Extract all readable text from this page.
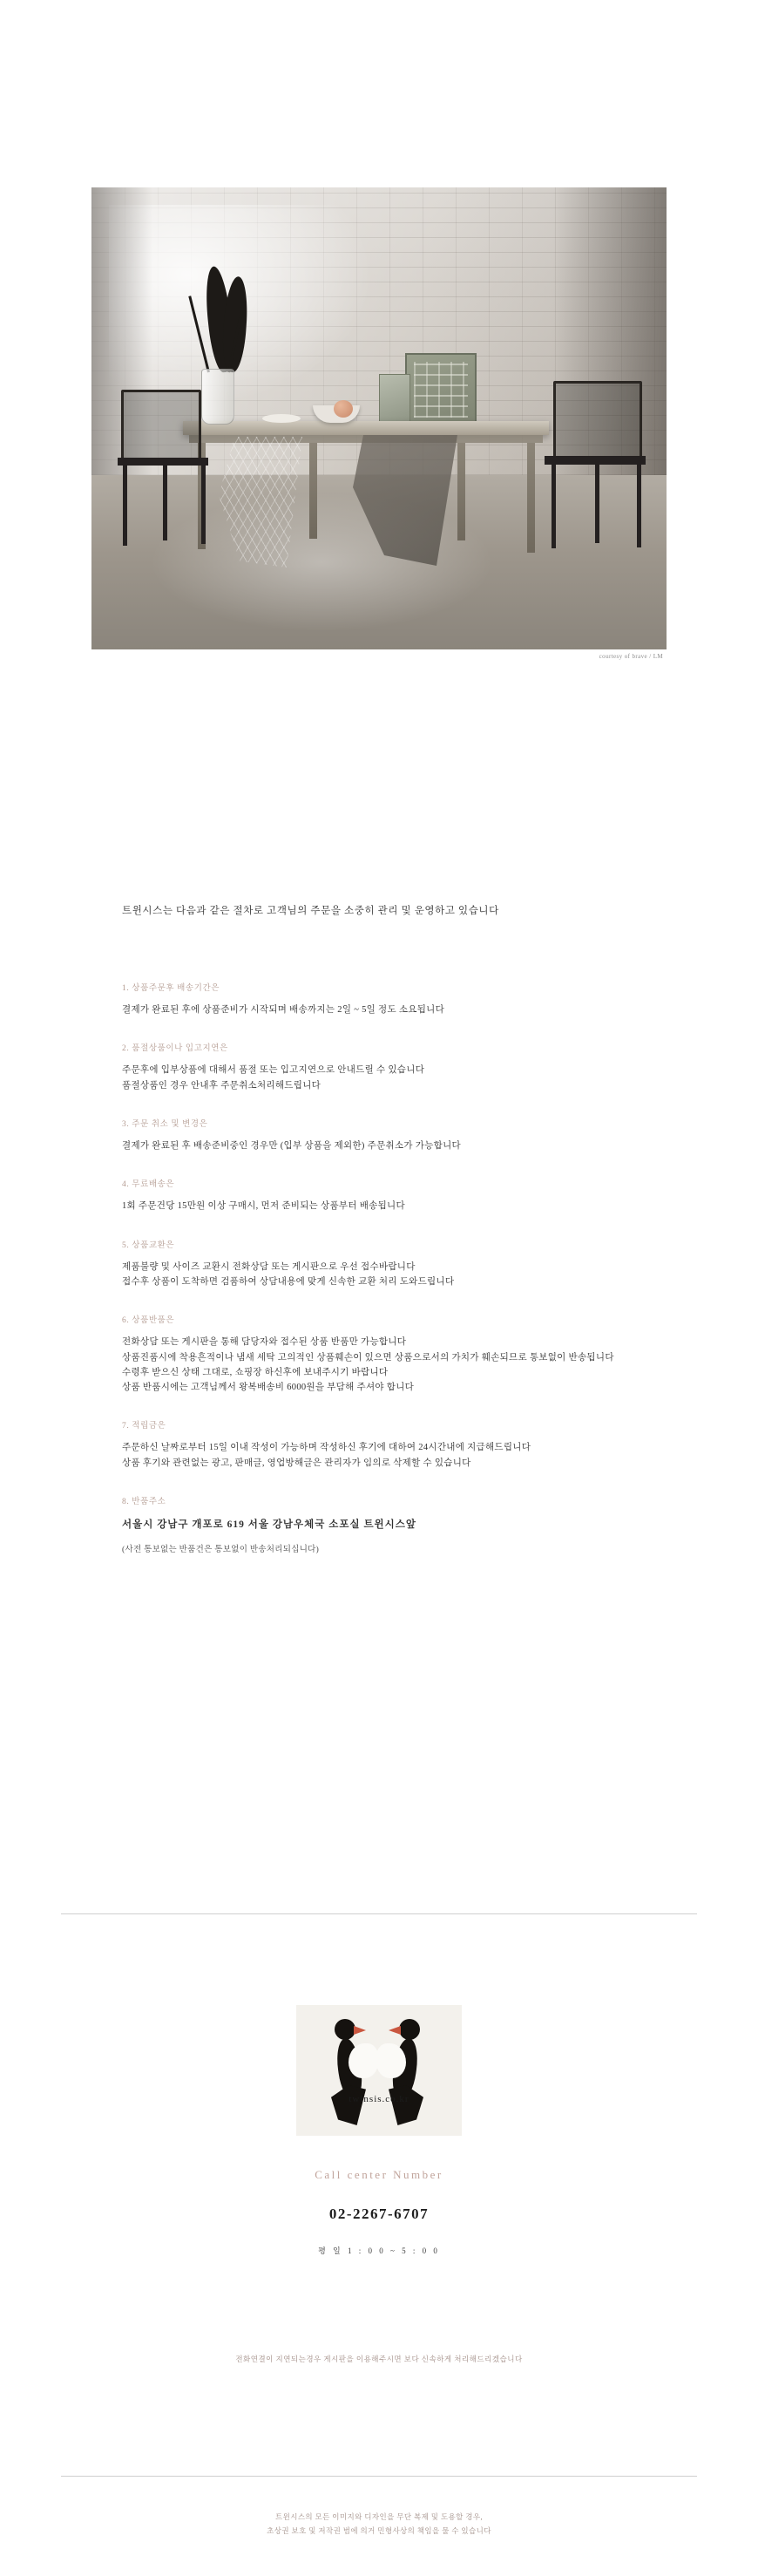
courtesy of brave / LM
트윈시스는 다음과 같은 절차로 고객님의 주문을 소중히 관리 및 운영하고 있습니다
1. 상품주문후 배송기간은
결제가 완료된 후에 상품준비가 시작되며 배송까지는 2일 ~ 5일 정도 소요됩니다
2. 품절상품이나 입고지연은
주문후에 입부상품에 대해서 품절 또는 입고지연으로 안내드릴 수 있습니다
품절상품인 경우 안내후 주문취소처리해드립니다
3. 주문 취소 및 변경은
결제가 완료된 후 배송준비중인 경우만 (입부 상품을 제외한) 주문취소가 가능합니다
4. 무료배송은
1회 주문건당 15만원 이상 구매시, 먼저 준비되는 상품부터 배송됩니다
5. 상품교환은
제품불량 및 사이즈 교환시 전화상담 또는 게시판으로 우선 접수바랍니다
접수후 상품이 도착하면 검품하여 상담내용에 맞게 신속한 교환 처리 도와드립니다
6. 상품반품은
전화상담 또는 게시판을 통해 담당자와 접수된 상품 반품만 가능합니다
상품진품시에 착용흔적이나 냄새 세탁 고의적인 상품훼손이 있으면 상품으로서의 가치가 훼손되므로 통보없이 반송됩니다
수령후 받으신 상태 그대로, 쇼핑장 하신후에 보내주시기 바랍니다
상품 반품시에는 고객님께서 왕복배송비 6000원을 부담해 주셔야 합니다
7. 적립금은
주문하신 날짜로부터 15일 이내 작성이 가능하며 작성하신 후기에 대하여 24시간내에 지급해드립니다
상품 후기와 관련없는 광고, 판매글, 영업방해글은 관리자가 임의로 삭제할 수 있습니다
8. 반품주소
서울시 강남구 개포로 619 서울 강남우체국 소포실 트윈시스앞
(사전 통보없는 반품건은 통보없이 반송처리되십니다)
twinsis.co.kr
Call center Number
02-2267-6707
평 일 1 : 0 0 ~ 5 : 0 0
전화연결이 지연되는경우 게시판을 이용해주시면 보다 신속하게 처리해드리겠습니다
트윈시스의 모든 이미지와 디자인을 무단 복제 및 도용할 경우,
초상권 보호 및 저작권 범에 의거 민형사상의 책임을 물 수 있습니다
